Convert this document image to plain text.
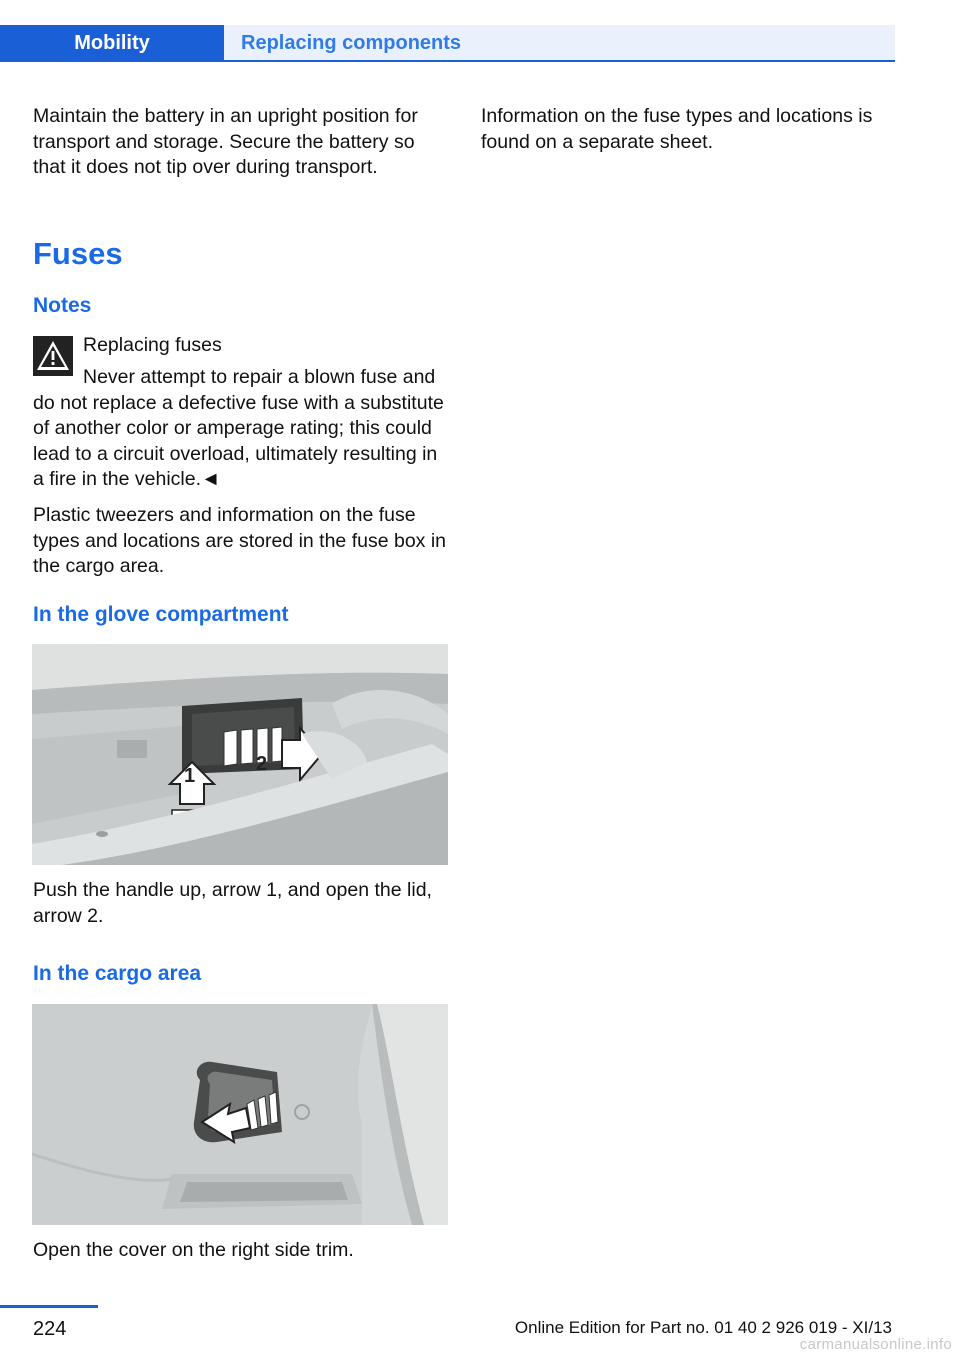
Mobility	Replacing components

Maintain the battery in an upright position for transport and storage. Secure the battery so that it does not tip over during transport.

Information on the fuse types and locations is found on a separate sheet.

Fuses
Notes
Replacing fuses
Never attempt to repair a blown fuse and do not replace a defective fuse with a substitute of another color or amperage rating; this could lead to a circuit overload, ultimately resulting in a fire in the vehicle.◄

Plastic tweezers and information on the fuse types and locations are stored in the fuse box in the cargo area.

In the glove compartment
2
1

Push the handle up, arrow 1, and open the lid, arrow 2.

In the cargo area

Open the cover on the right side trim.

224	Online Edition for Part no. 01 40 2 926 019 - XI/13
carmanualsonline.info
